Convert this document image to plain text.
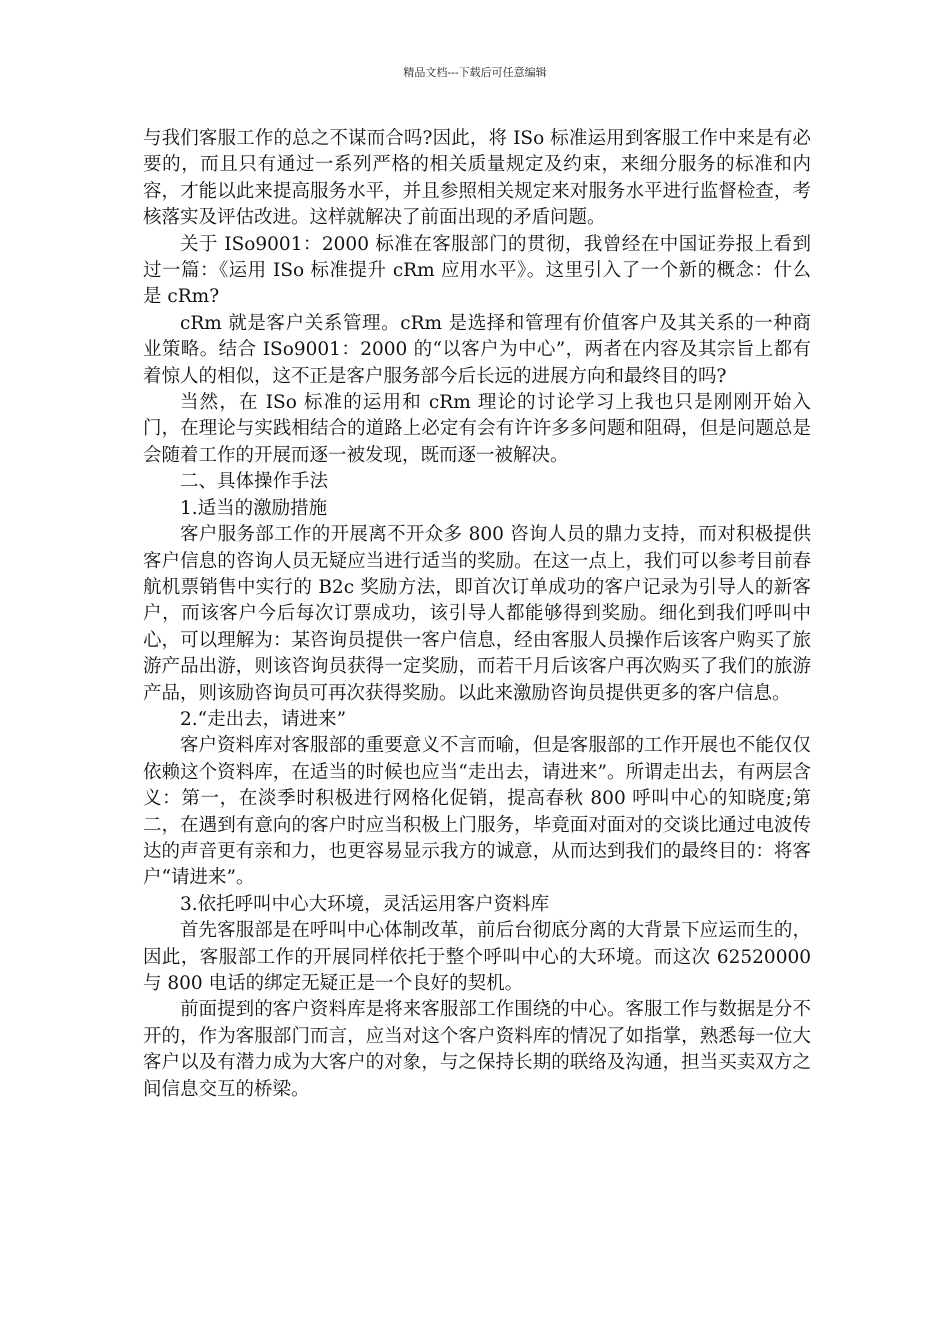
精品文档---下载后可任意编辑

与我们客服工作的总之不谋而合吗?因此，将 ISo 标准运用到客服工作中来是有必要的，而且只有通过一系列严格的相关质量规定及约束，来细分服务的标准和内容，才能以此来提高服务水平，并且参照相关规定来对服务水平进行监督检查，考核落实及评估改进。这样就解决了前面出现的矛盾问题。

关于 ISo9001：2000 标准在客服部门的贯彻，我曾经在中国证券报上看到过一篇：《运用 ISo 标准提升 cRm 应用水平》。这里引入了一个新的概念：什么是 cRm?

cRm 就是客户关系管理。cRm 是选择和管理有价值客户及其关系的一种商业策略。结合 ISo9001：2000 的“以客户为中心”，两者在内容及其宗旨上都有着惊人的相似，这不正是客户服务部今后长远的进展方向和最终目的吗?

当然，在 ISo 标准的运用和 cRm 理论的讨论学习上我也只是刚刚开始入门，在理论与实践相结合的道路上必定有会有许许多多问题和阻碍，但是问题总是会随着工作的开展而逐一被发现，既而逐一被解决。

二、具体操作手法

1.适当的激励措施

客户服务部工作的开展离不开众多 800 咨询人员的鼎力支持，而对积极提供客户信息的咨询人员无疑应当进行适当的奖励。在这一点上，我们可以参考目前春航机票销售中实行的 B2c 奖励方法，即首次订单成功的客户记录为引导人的新客户，而该客户今后每次订票成功，该引导人都能够得到奖励。细化到我们呼叫中心，可以理解为：某咨询员提供一客户信息，经由客服人员操作后该客户购买了旅游产品出游，则该咨询员获得一定奖励，而若干月后该客户再次购买了我们的旅游产品，则该励咨询员可再次获得奖励。以此来激励咨询员提供更多的客户信息。

2.“走出去，请进来”

客户资料库对客服部的重要意义不言而喻，但是客服部的工作开展也不能仅仅依赖这个资料库，在适当的时候也应当“走出去，请进来”。所谓走出去，有两层含义：第一，在淡季时积极进行网格化促销，提高春秋 800 呼叫中心的知晓度;第二，在遇到有意向的客户时应当积极上门服务，毕竟面对面对的交谈比通过电波传达的声音更有亲和力，也更容易显示我方的诚意，从而达到我们的最终目的：将客户“请进来”。

3.依托呼叫中心大环境，灵活运用客户资料库

首先客服部是在呼叫中心体制改革，前后台彻底分离的大背景下应运而生的，因此，客服部工作的开展同样依托于整个呼叫中心的大环境。而这次 62520000 与 800 电话的绑定无疑正是一个良好的契机。

前面提到的客户资料库是将来客服部工作围绕的中心。客服工作与数据是分不开的，作为客服部门而言，应当对这个客户资料库的情况了如指掌，熟悉每一位大客户以及有潜力成为大客户的对象，与之保持长期的联络及沟通，担当买卖双方之间信息交互的桥梁。
